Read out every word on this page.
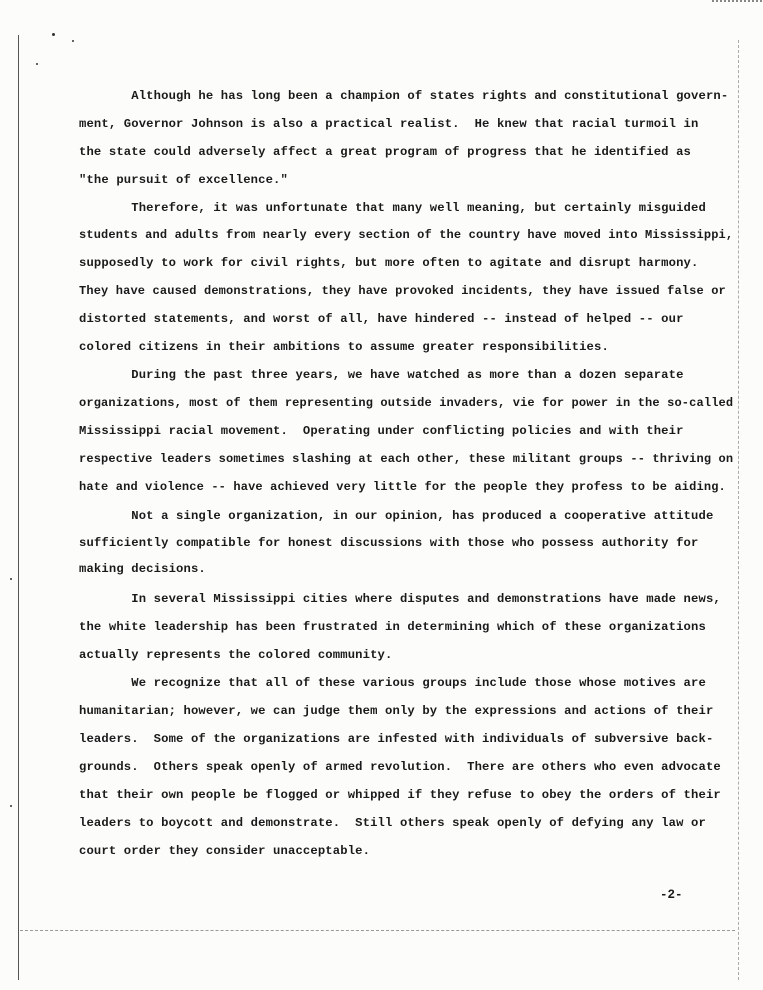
Although he has long been a champion of states rights and constitutional govern-
ment, Governor Johnson is also a practical realist.  He knew that racial turmoil in
the state could adversely affect a great program of progress that he identified as
"the pursuit of excellence."
Therefore, it was unfortunate that many well meaning, but certainly misguided
students and adults from nearly every section of the country have moved into Mississippi,
supposedly to work for civil rights, but more often to agitate and disrupt harmony.
They have caused demonstrations, they have provoked incidents, they have issued false or
distorted statements, and worst of all, have hindered -- instead of helped -- our
colored citizens in their ambitions to assume greater responsibilities.
During the past three years, we have watched as more than a dozen separate
organizations, most of them representing outside invaders, vie for power in the so-called
Mississippi racial movement.  Operating under conflicting policies and with their
respective leaders sometimes slashing at each other, these militant groups -- thriving on
hate and violence -- have achieved very little for the people they profess to be aiding.
Not a single organization, in our opinion, has produced a cooperative attitude
sufficiently compatible for honest discussions with those who possess authority for
making decisions.
In several Mississippi cities where disputes and demonstrations have made news,
the white leadership has been frustrated in determining which of these organizations
actually represents the colored community.
We recognize that all of these various groups include those whose motives are
humanitarian; however, we can judge them only by the expressions and actions of their
leaders.  Some of the organizations are infested with individuals of subversive back-
grounds.  Others speak openly of armed revolution.  There are others who even advocate
that their own people be flogged or whipped if they refuse to obey the orders of their
leaders to boycott and demonstrate.  Still others speak openly of defying any law or
court order they consider unacceptable.
-2-
